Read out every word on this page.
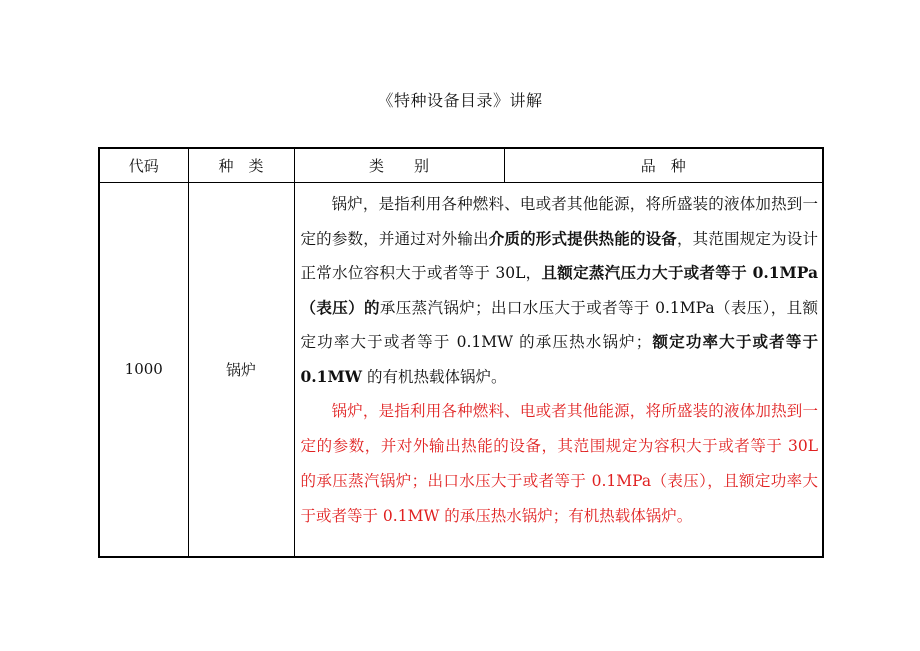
《特种设备目录》讲解
代码	种　类	类　　别	品　种
1000	锅炉	锅炉，是指利用各种燃料、电或者其他能源，将所盛装的液体加热到一定的参数，并通过对外输出介质的形式提供热能的设备，其范围规定为设计正常水位容积大于或者等于 30L，且额定蒸汽压力大于或者等于 0.1MPa（表压）的承压蒸汽锅炉；出口水压大于或者等于 0.1MPa（表压），且额定功率大于或者等于 0.1MW 的承压热水锅炉；额定功率大于或者等于 0.1MW 的有机热载体锅炉。

锅炉，是指利用各种燃料、电或者其他能源，将所盛装的液体加热到一定的参数，并对外输出热能的设备，其范围规定为容积大于或者等于 30L 的承压蒸汽锅炉；出口水压大于或者等于 0.1MPa（表压），且额定功率大于或者等于 0.1MW 的承压热水锅炉；有机热载体锅炉。	
